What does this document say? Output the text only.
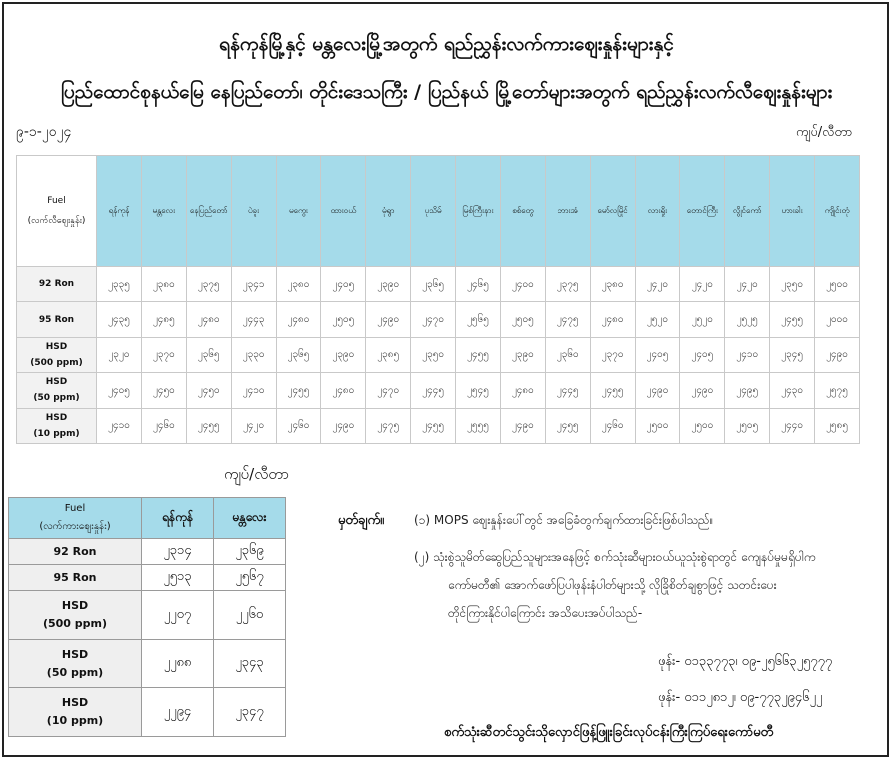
ရန်ကုန်မြို့နှင့် မန္တလေးမြို့အတွက် ရည်ညွှန်းလက်ကားဈေးနှုန်းများနှင့်
ပြည်ထောင်စုနယ်မြေ နေပြည်တော်၊ တိုင်းဒေသကြီး / ပြည်နယ် မြို့တော်များအတွက် ရည်ညွှန်းလက်လီဈေးနှုန်းများ
၉-၁-၂၀၂၄	ကျပ်/လီတာ
Fuel
(လက်လီဈေးနှုန်း)	ရန်ကုန်	မန္တလေး	နေပြည်တော်	ပဲခူး	မကွေး	ထားဝယ်	မုံရွာ	ပုသိမ်	မြစ်ကြီးနား	စစ်တွေ	ဘားအံ	မော်လမြိုင်	လားရှိုး	တောင်ကြီး	လွိုင်ကော်	ဟားခါး	ကျိုင်းတုံ

92 Ron	၂၃၃၅	၂၃၈၀	၂၃၇၅	၂၃၄၁	၂၃၈၀	၂၄၀၅	၂၃၉၀	၂၃၆၅	၂၄၆၅	၂၄၀၀	၂၃၇၅	၂၃၈၀	၂၄၂၀	၂၄၂၀	၂၄၂၀	၂၃၅၀	၂၅၀၀

95 Ron	၂၄၃၅	၂၄၈၅	၂၄၈၀	၂၄၄၃	၂၄၈၀	၂၅၀၅	၂၄၉၀	၂၄၇၀	၂၅၆၅	၂၅၀၅	၂၄၇၅	၂၄၈၀	၂၅၂၀	၂၅၂၀	၂၅၂၅	၂၄၅၅	၂၀၀၀

HSD
(500 ppm)	၂၃၂၀	၂၃၇၀	၂၃၆၅	၂၃၃၀	၂၃၆၅	၂၃၉၀	၂၃၈၅	၂၃၅၀	၂၄၅၅	၂၃၉၀	၂၃၆၀	၂၃၇၀	၂၄၀၅	၂၄၀၅	၂၄၁၀	၂၃၄၅	၂၄၉၀

HSD
(50 ppm)	၂၄၀၅	၂၄၅၀	၂၄၅၀	၂၄၁၀	၂၄၅၅	၂၄၈၀	၂၄၇၀	၂၄၄၅	၂၅၄၅	၂၄၈၀	၂၄၄၅	၂၄၅၅	၂၄၉၀	၂၄၉၀	၂၄၉၅	၂၄၃၀	၂၅၇၅

HSD
(10 ppm)	၂၄၁၀	၂၄၆၀	၂၄၅၅	၂၄၂၀	၂၄၆၀	၂၄၉၀	၂၄၇၅	၂၄၅၅	၂၅၅၅	၂၄၉၀	၂၄၅၅	၂၄၆၀	၂၅၀၀	၂၅၀၀	၂၅၀၅	၂၄၄၀	၂၅၈၅
ကျပ်/လီတာ
Fuel
(လက်ကားဈေးနှုန်း)	ရန်ကုန်	မန္တလေး

92 Ron	၂၃၁၄	၂၃၆၉

95 Ron	၂၅၁၃	၂၅၆၇

HSD
(500 ppm)	၂၂၀၇	၂၂၆၀

HSD
(50 ppm)	၂၂၈၈	၂၃၄၃

HSD
(10 ppm)	၂၂၉၄	၂၃၄၇
မှတ်ချက်။ (၁) MOPS ဈေးနှုန်းပေါ်တွင် အခြေခံတွက်ချက်ထားခြင်းဖြစ်ပါသည်။
(၂) သုံးစွဲသူမိတ်ဆွေပြည်သူများအနေဖြင့် စက်သုံးဆီများဝယ်ယူသုံးစွဲရာတွင် ကျေနပ်မှုမရှိပါက
ကော်မတီ၏ အောက်ဖော်ပြပါဖုန်းနံပါတ်များသို့ လိုခြိုစိတ်ချစွာဖြင့် သတင်းပေး
တိုင်ကြားနိုင်ပါကြောင်း အသိပေးအပ်ပါသည်-
ဖုန်း- ၀၁၃၃၇၇၃၊ ၀၉-၂၅၆၆၃၂၅၇၇၇
ဖုန်း- ၀၁၁၂၈၁၂၊ ၀၉-၇၇၃၂၉၄၆၂၂
စက်သုံးဆီတင်သွင်းသိုလှောင်ဖြန့်ဖြူးခြင်းလုပ်ငန်းကြီးကြပ်ရေးကော်မတီ
